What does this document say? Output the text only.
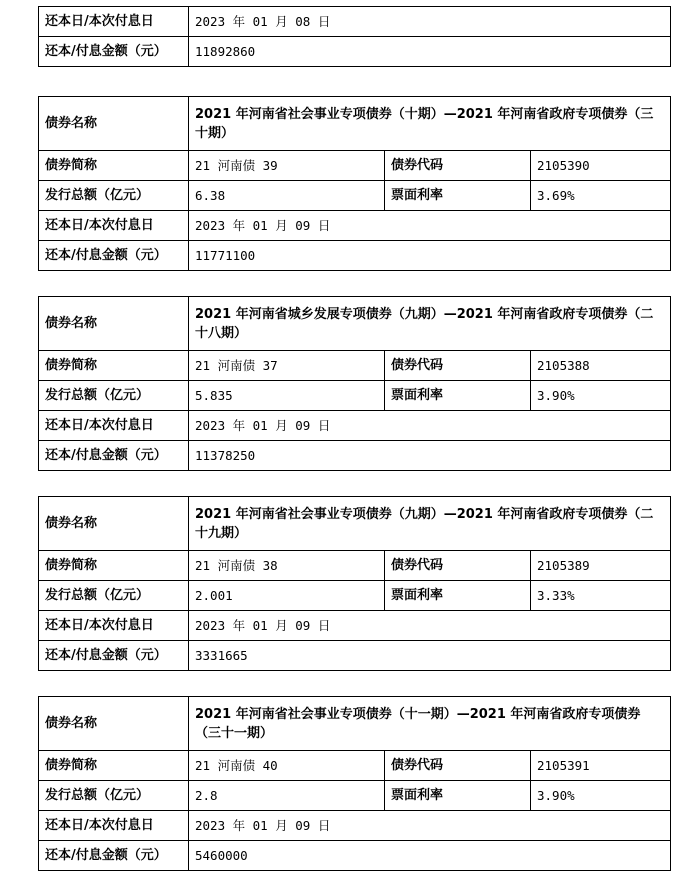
还本日/本次付息日	2023 年 01 月 08 日
还本/付息金额（元）	11892860
债券名称	2021 年河南省社会事业专项债券（十期）—2021 年河南省政府专项债券（三十期）		
债券简称	21 河南债 39	债券代码	2105390
发行总额（亿元）	6.38	票面利率	3.69%
还本日/本次付息日	2023 年 01 月 09 日		
还本/付息金额（元）	11771100		
债券名称	2021 年河南省城乡发展专项债券（九期）—2021 年河南省政府专项债券（二十八期）		
债券简称	21 河南债 37	债券代码	2105388
发行总额（亿元）	5.835	票面利率	3.90%
还本日/本次付息日	2023 年 01 月 09 日		
还本/付息金额（元）	11378250		
债券名称	2021 年河南省社会事业专项债券（九期）—2021 年河南省政府专项债券（二十九期）		
债券简称	21 河南债 38	债券代码	2105389
发行总额（亿元）	2.001	票面利率	3.33%
还本日/本次付息日	2023 年 01 月 09 日		
还本/付息金额（元）	3331665		
债券名称	2021 年河南省社会事业专项债券（十一期）—2021 年河南省政府专项债券（三十一期）		
债券简称	21 河南债 40	债券代码	2105391
发行总额（亿元）	2.8	票面利率	3.90%
还本日/本次付息日	2023 年 01 月 09 日		
还本/付息金额（元）	5460000		
